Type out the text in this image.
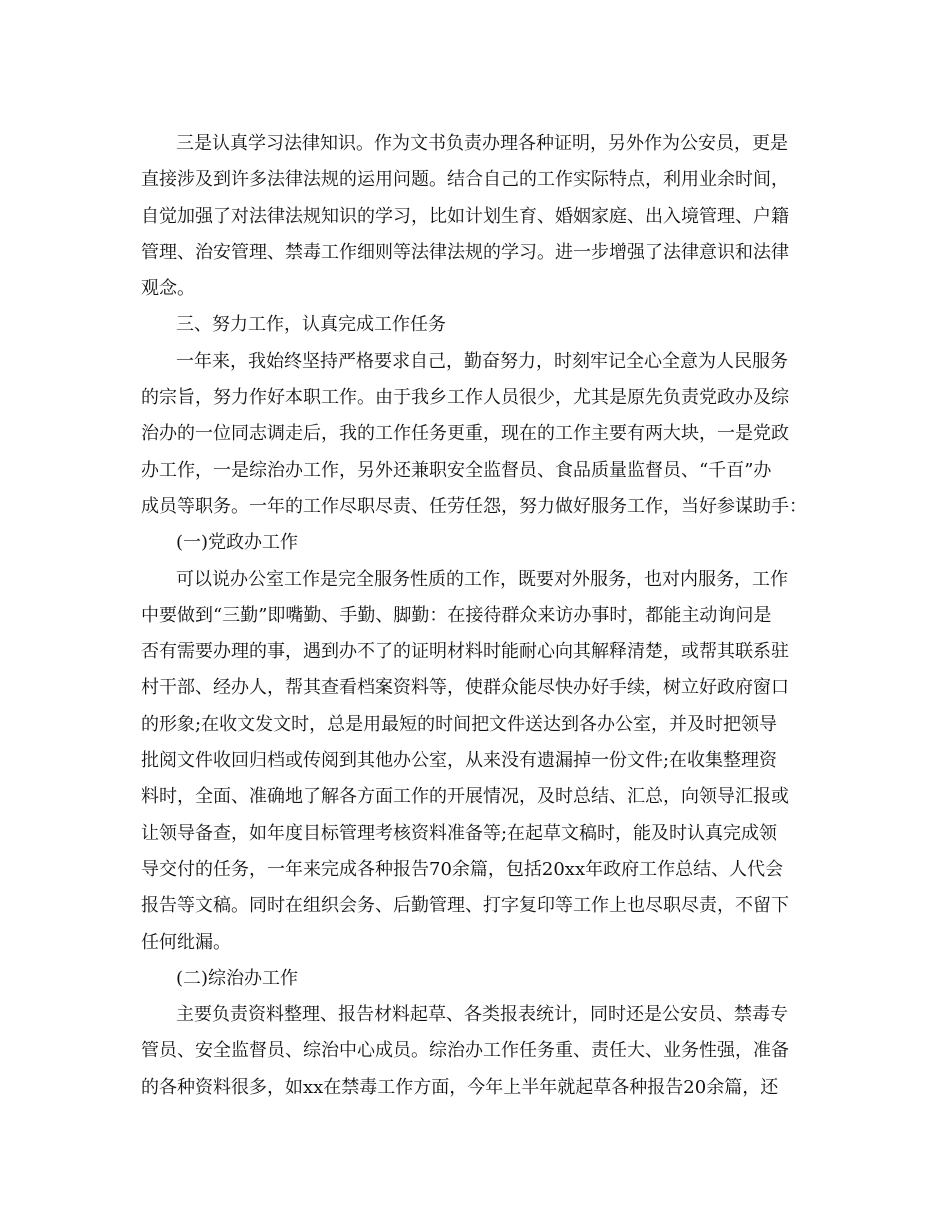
三是认真学习法律知识。作为文书负责办理各种证明，另外作为公安员，更是
直接涉及到许多法律法规的运用问题。结合自己的工作实际特点，利用业余时间，
自觉加强了对法律法规知识的学习，比如计划生育、婚姻家庭、出入境管理、户籍
管理、治安管理、禁毒工作细则等法律法规的学习。进一步增强了法律意识和法律
观念。
三、努力工作，认真完成工作任务
一年来，我始终坚持严格要求自己，勤奋努力，时刻牢记全心全意为人民服务
的宗旨，努力作好本职工作。由于我乡工作人员很少，尤其是原先负责党政办及综
治办的一位同志调走后，我的工作任务更重，现在的工作主要有两大块，一是党政
办工作，一是综治办工作，另外还兼职安全监督员、食品质量监督员、“千百”办
成员等职务。一年的工作尽职尽责、任劳任怨，努力做好服务工作，当好参谋助手：
(一)党政办工作
可以说办公室工作是完全服务性质的工作，既要对外服务，也对内服务，工作
中要做到“三勤”即嘴勤、手勤、脚勤：在接待群众来访办事时，都能主动询问是
否有需要办理的事，遇到办不了的证明材料时能耐心向其解释清楚，或帮其联系驻
村干部、经办人，帮其查看档案资料等，使群众能尽快办好手续，树立好政府窗口
的形象;在收文发文时，总是用最短的时间把文件送达到各办公室，并及时把领导
批阅文件收回归档或传阅到其他办公室，从来没有遗漏掉一份文件;在收集整理资
料时，全面、准确地了解各方面工作的开展情况，及时总结、汇总，向领导汇报或
让领导备查，如年度目标管理考核资料准备等;在起草文稿时，能及时认真完成领
导交付的任务，一年来完成各种报告70余篇，包括20xx年政府工作总结、人代会
报告等文稿。同时在组织会务、后勤管理、打字复印等工作上也尽职尽责，不留下
任何纰漏。
(二)综治办工作
主要负责资料整理、报告材料起草、各类报表统计，同时还是公安员、禁毒专
管员、安全监督员、综治中心成员。综治办工作任务重、责任大、业务性强，准备
的各种资料很多，如xx在禁毒工作方面，今年上半年就起草各种报告20余篇，还
